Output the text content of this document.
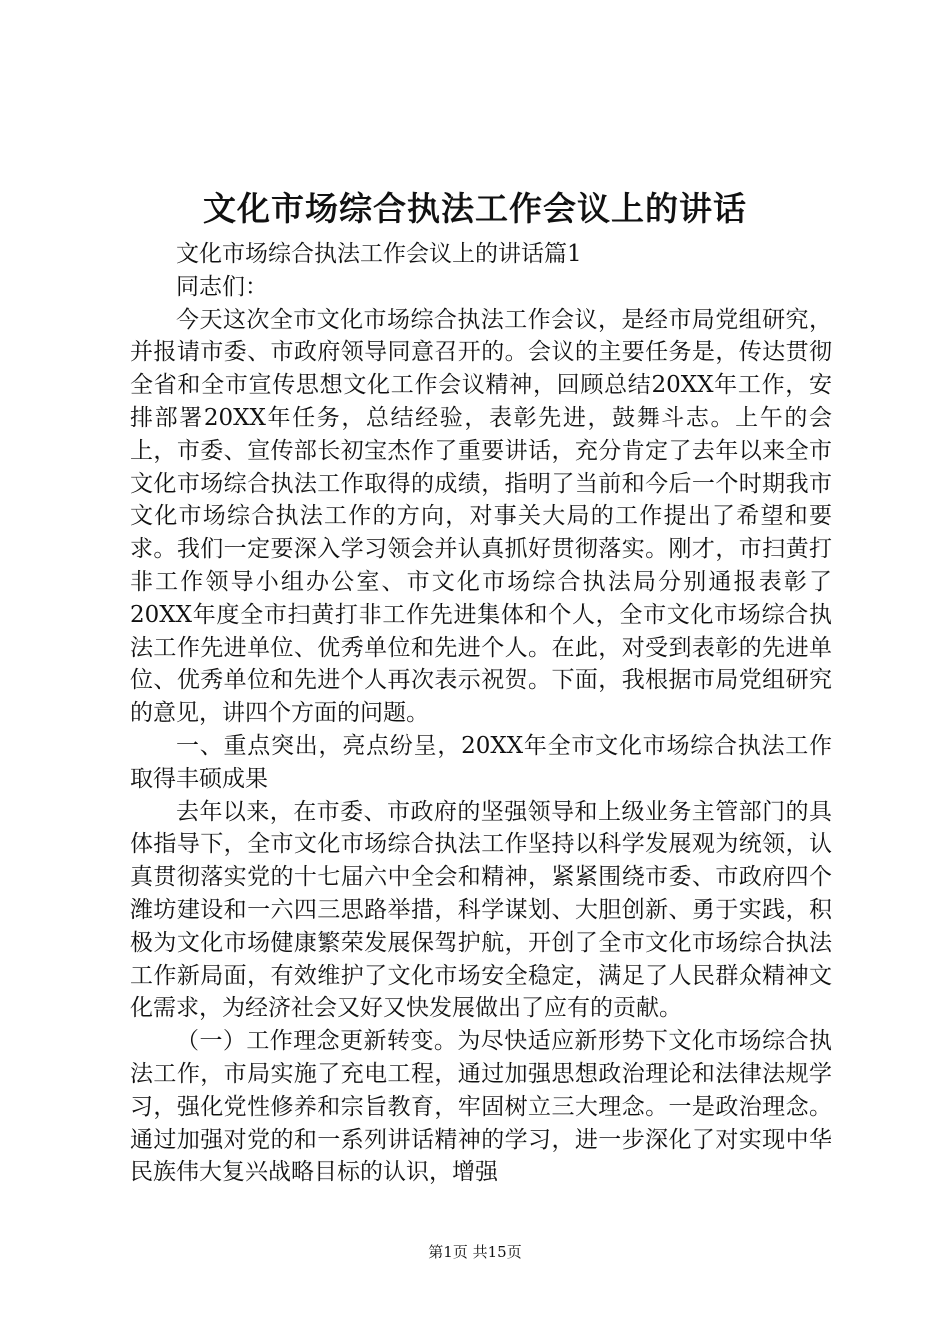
文化市场综合执法工作会议上的讲话

文化市场综合执法工作会议上的讲话篇1

同志们：

今天这次全市文化市场综合执法工作会议，是经市局党组研究，并报请市委、市政府领导同意召开的。会议的主要任务是，传达贯彻全省和全市宣传思想文化工作会议精神，回顾总结20XX年工作，安排部署20XX年任务，总结经验，表彰先进，鼓舞斗志。上午的会上，市委、宣传部长初宝杰作了重要讲话，充分肯定了去年以来全市文化市场综合执法工作取得的成绩，指明了当前和今后一个时期我市文化市场综合执法工作的方向，对事关大局的工作提出了希望和要求。我们一定要深入学习领会并认真抓好贯彻落实。刚才，市扫黄打非工作领导小组办公室、市文化市场综合执法局分别通报表彰了20XX年度全市扫黄打非工作先进集体和个人，全市文化市场综合执法工作先进单位、优秀单位和先进个人。在此，对受到表彰的先进单位、优秀单位和先进个人再次表示祝贺。下面，我根据市局党组研究的意见，讲四个方面的问题。

一、重点突出，亮点纷呈，20XX年全市文化市场综合执法工作取得丰硕成果

去年以来，在市委、市政府的坚强领导和上级业务主管部门的具体指导下，全市文化市场综合执法工作坚持以科学发展观为统领，认真贯彻落实党的十七届六中全会和精神，紧紧围绕市委、市政府四个潍坊建设和一六四三思路举措，科学谋划、大胆创新、勇于实践，积极为文化市场健康繁荣发展保驾护航，开创了全市文化市场综合执法工作新局面，有效维护了文化市场安全稳定，满足了人民群众精神文化需求，为经济社会又好又快发展做出了应有的贡献。

（一）工作理念更新转变。为尽快适应新形势下文化市场综合执法工作，市局实施了充电工程，通过加强思想政治理论和法律法规学习，强化党性修养和宗旨教育，牢固树立三大理念。一是政治理念。通过加强对党的和一系列讲话精神的学习，进一步深化了对实现中华民族伟大复兴战略目标的认识，增强

第1页 共15页
